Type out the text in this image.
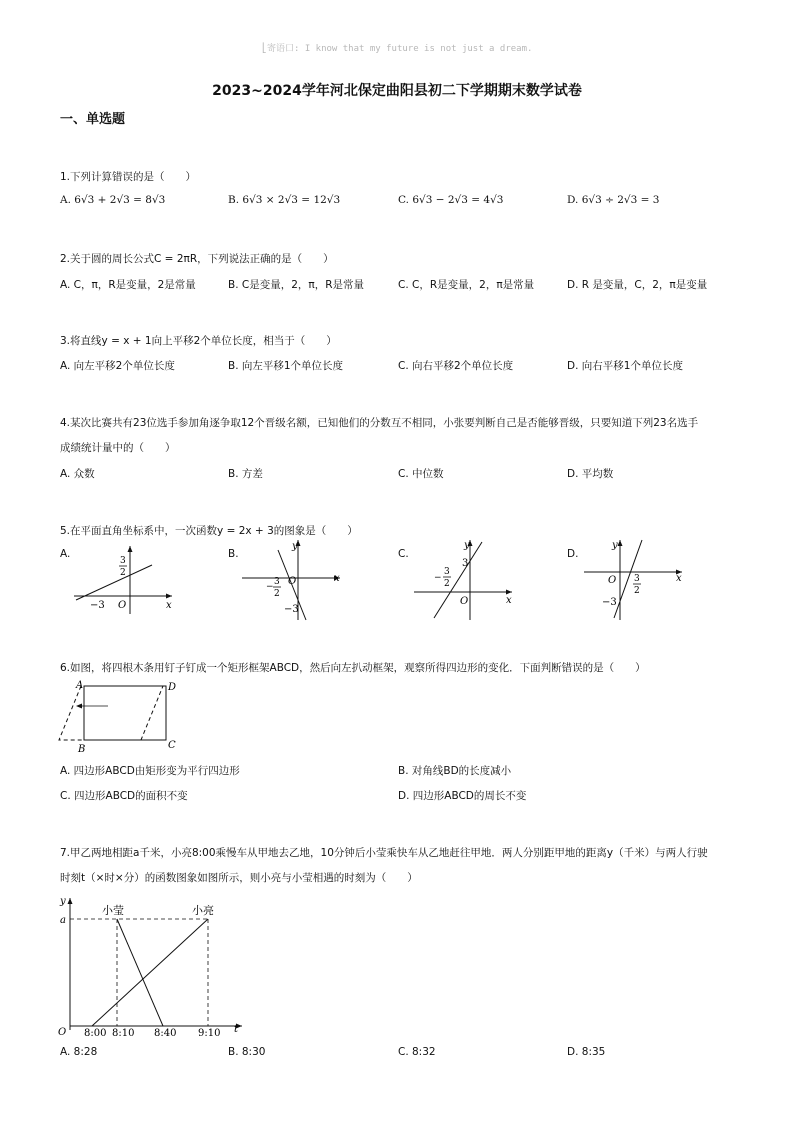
⎣寄语口: I know that my future is not just a dream.
2023~2024学年河北保定曲阳县初二下学期期末数学试卷
一、单选题
1.下列计算错误的是（　　）
A. 6√3 + 2√3 = 8√3	B. 6√3 × 2√3 = 12√3	C. 6√3 − 2√3 = 4√3	D. 6√3 ÷ 2√3 = 3
2.关于圆的周长公式C = 2πR，下列说法正确的是（　　）
A. C，π，R是变量，2是常量	B. C是变量，2，π，R是常量	C. C，R是变量，2，π是常量	D. R 是变量，C，2，π是变量
3.将直线y = x + 1向上平移2个单位长度，相当于（　　）
A. 向左平移2个单位长度	B. 向左平移1个单位长度	C. 向右平移2个单位长度	D. 向右平移1个单位长度
4.某次比赛共有23位选手参加角逐争取12个晋级名额，已知他们的分数互不相同，小张要判断自己是否能够晋级，只要知道下列23名选手
成绩统计量中的（　　）
A. 众数	B. 方差	C. 中位数	D. 平均数
5.在平面直角坐标系中，一次函数y = 2x + 3的图象是（　　）
A.
x
O
−3
3
2
B.
y
x
O
− 3
2
−3
C.
y
3
x
O
−
3
2
D.
y
x
O 3
2
−3
6.如图，将四根木条用钉子钉成一个矩形框架ABCD，然后向左扒动框架，观察所得四边形的变化．下面判断错误的是（　　）
A	D
B	C
A. 四边形ABCD由矩形变为平行四边形	B. 对角线BD的长度减小
C. 四边形ABCD的面积不变	D. 四边形ABCD的周长不变
7.甲乙两地相距a千米，小亮8:00乘慢车从甲地去乙地，10分钟后小莹乘快车从乙地赶往甲地．两人分别距甲地的距离y（千米）与两人行驶
时刻t（×时×分）的函数图象如图所示，则小亮与小莹相遇的时刻为（　　）
y
a
O	t
小莹	小亮
8:00 8:10 8:40 9:10
A. 8:28	B. 8:30	C. 8:32	D. 8:35
